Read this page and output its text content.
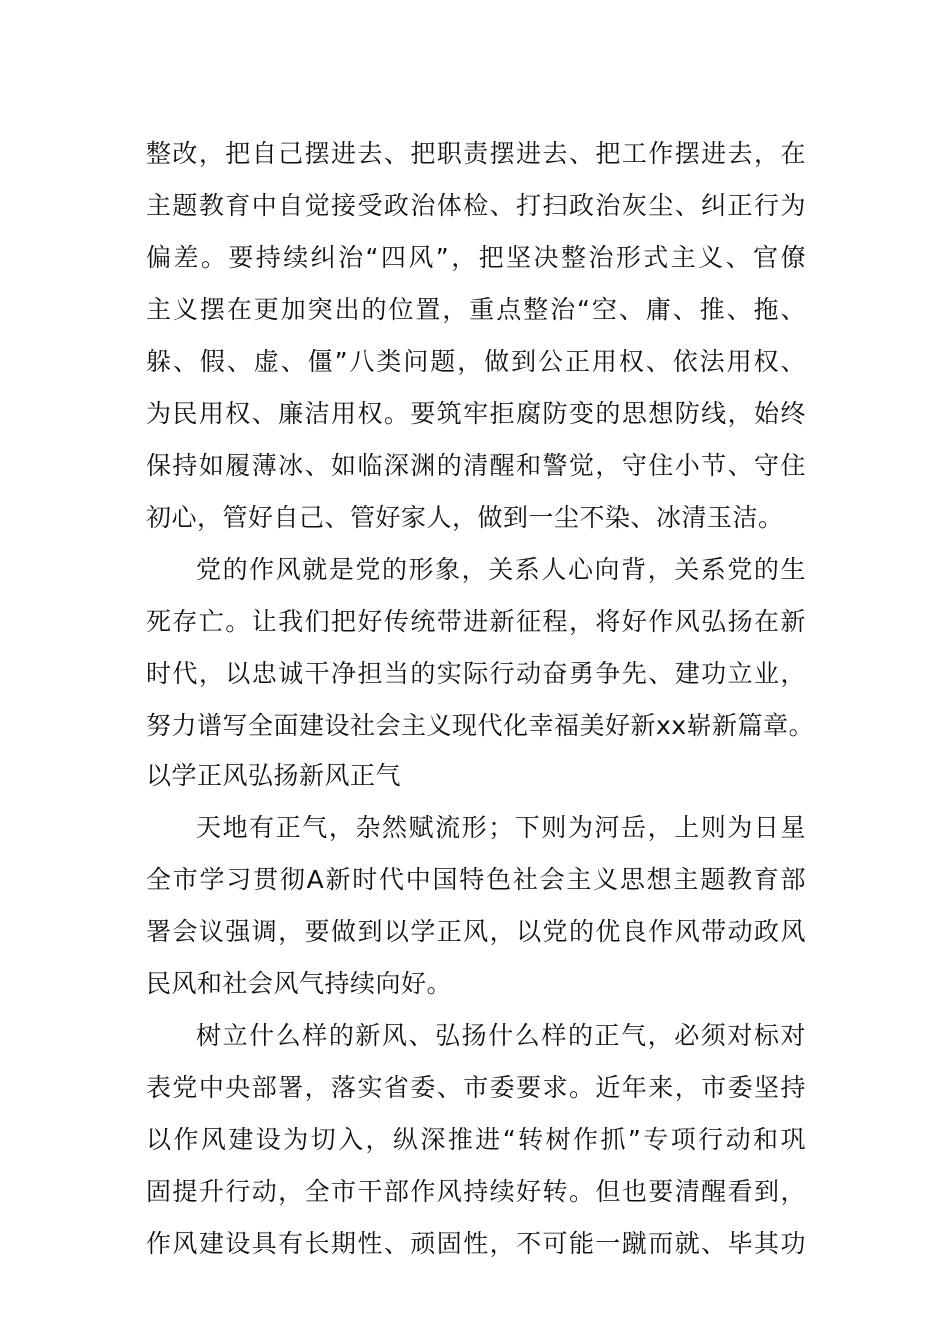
整改，把自己摆进去、把职责摆进去、把工作摆进去，在
主题教育中自觉接受政治体检、打扫政治灰尘、纠正行为
偏差。要持续纠治“四风”，把坚决整治形式主义、官僚
主义摆在更加突出的位置，重点整治“空、庸、推、拖、
躲、假、虚、僵”八类问题，做到公正用权、依法用权、
为民用权、廉洁用权。要筑牢拒腐防变的思想防线，始终
保持如履薄冰、如临深渊的清醒和警觉，守住小节、守住
初心，管好自己、管好家人，做到一尘不染、冰清玉洁。
党的作风就是党的形象，关系人心向背，关系党的生
死存亡。让我们把好传统带进新征程，将好作风弘扬在新
时代，以忠诚干净担当的实际行动奋勇争先、建功立业，
努力谱写全面建设社会主义现代化幸福美好新xx崭新篇章。
以学正风弘扬新风正气
天地有正气，杂然赋流形；下则为河岳，上则为日星
全市学习贯彻A新时代中国特色社会主义思想主题教育部
署会议强调，要做到以学正风，以党的优良作风带动政风
民风和社会风气持续向好。
树立什么样的新风、弘扬什么样的正气，必须对标对
表党中央部署，落实省委、市委要求。近年来，市委坚持
以作风建设为切入，纵深推进“转树作抓”专项行动和巩
固提升行动，全市干部作风持续好转。但也要清醒看到，
作风建设具有长期性、顽固性，不可能一蹴而就、毕其功
